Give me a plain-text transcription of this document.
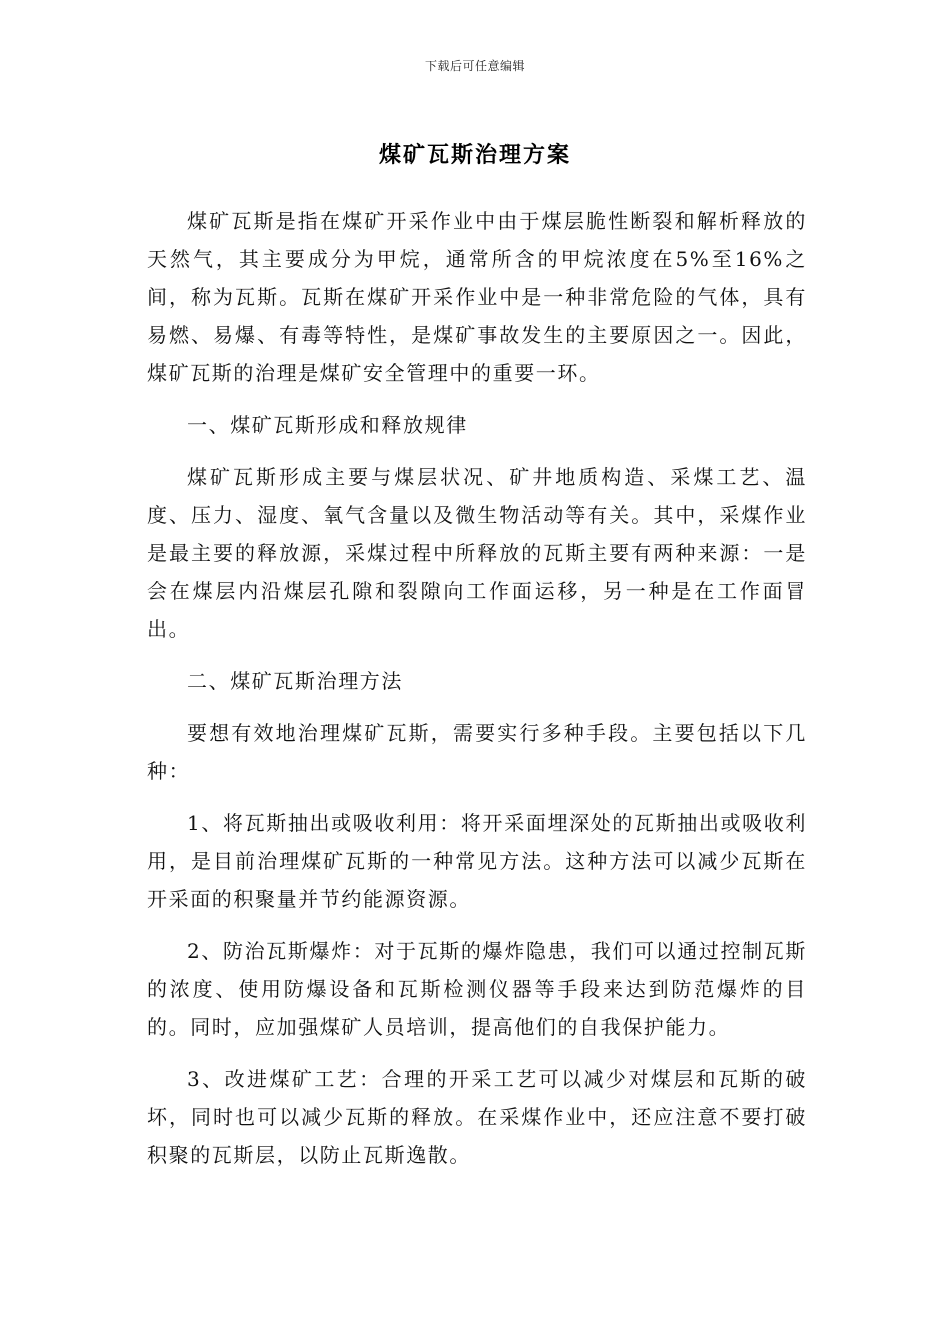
下载后可任意编辑
煤矿瓦斯治理方案

煤矿瓦斯是指在煤矿开采作业中由于煤层脆性断裂和解析释放的天然气，其主要成分为甲烷，通常所含的甲烷浓度在5%至16%之间，称为瓦斯。瓦斯在煤矿开采作业中是一种非常危险的气体，具有易燃、易爆、有毒等特性，是煤矿事故发生的主要原因之一。因此，煤矿瓦斯的治理是煤矿安全管理中的重要一环。

一、煤矿瓦斯形成和释放规律

煤矿瓦斯形成主要与煤层状况、矿井地质构造、采煤工艺、温度、压力、湿度、氧气含量以及微生物活动等有关。其中，采煤作业是最主要的释放源，采煤过程中所释放的瓦斯主要有两种来源：一是会在煤层内沿煤层孔隙和裂隙向工作面运移，另一种是在工作面冒出。

二、煤矿瓦斯治理方法

要想有效地治理煤矿瓦斯，需要实行多种手段。主要包括以下几种：

1、将瓦斯抽出或吸收利用：将开采面埋深处的瓦斯抽出或吸收利用，是目前治理煤矿瓦斯的一种常见方法。这种方法可以减少瓦斯在开采面的积聚量并节约能源资源。

2、防治瓦斯爆炸：对于瓦斯的爆炸隐患，我们可以通过控制瓦斯的浓度、使用防爆设备和瓦斯检测仪器等手段来达到防范爆炸的目的。同时，应加强煤矿人员培训，提高他们的自我保护能力。

3、改进煤矿工艺：合理的开采工艺可以减少对煤层和瓦斯的破坏，同时也可以减少瓦斯的释放。在采煤作业中，还应注意不要打破积聚的瓦斯层，以防止瓦斯逸散。
